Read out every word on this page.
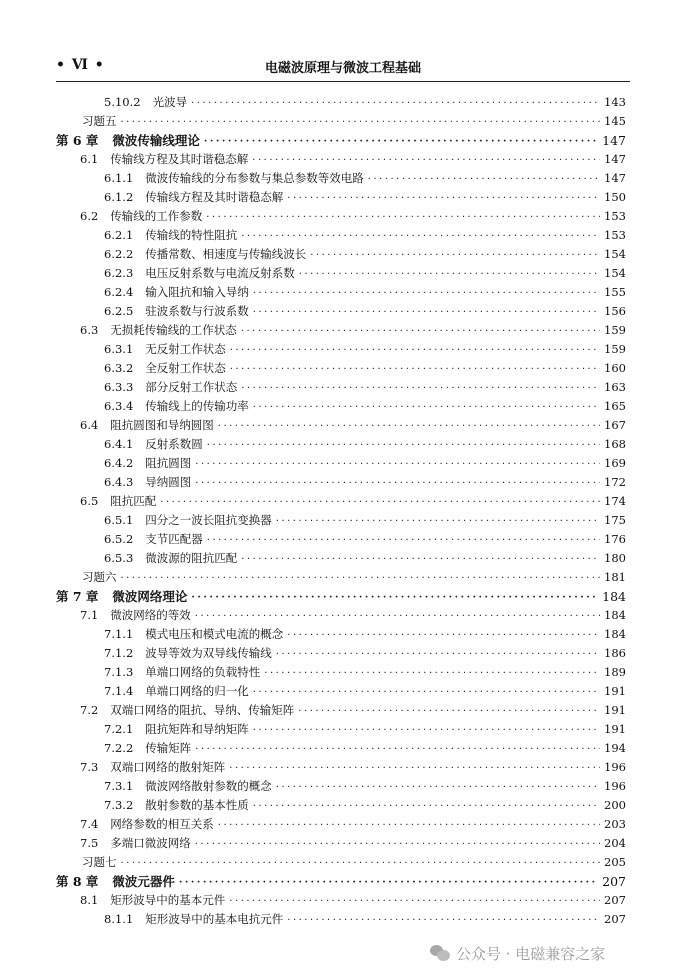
• Ⅵ •	电磁波原理与微波工程基础
5.10.2 光波导 ·····	143
习题五 ·····	145
第 6 章 微波传输线理论 ·····	147
6.1 传输线方程及其时谐稳态解 ·····	147
6.1.1 微波传输线的分布参数与集总参数等效电路 ·····	147
6.1.2 传输线方程及其时谐稳态解 ·····	150
6.2 传输线的工作参数 ·····	153
6.2.1 传输线的特性阻抗 ·····	153
6.2.2 传播常数、相速度与传输线波长 ·····	154
6.2.3 电压反射系数与电流反射系数 ·····	154
6.2.4 输入阻抗和输入导纳 ·····	155
6.2.5 驻波系数与行波系数 ·····	156
6.3 无损耗传输线的工作状态 ·····	159
6.3.1 无反射工作状态 ·····	159
6.3.2 全反射工作状态 ·····	160
6.3.3 部分反射工作状态 ·····	163
6.3.4 传输线上的传输功率 ·····	165
6.4 阻抗圆图和导纳圆图 ·····	167
6.4.1 反射系数圆 ·····	168
6.4.2 阻抗圆图 ·····	169
6.4.3 导纳圆图 ·····	172
6.5 阻抗匹配 ·····	174
6.5.1 四分之一波长阻抗变换器 ·····	175
6.5.2 支节匹配器 ·····	176
6.5.3 微波源的阻抗匹配 ·····	180
习题六 ·····	181
第 7 章 微波网络理论 ·····	184
7.1 微波网络的等效 ·····	184
7.1.1 模式电压和模式电流的概念 ·····	184
7.1.2 波导等效为双导线传输线 ·····	186
7.1.3 单端口网络的负载特性 ·····	189
7.1.4 单端口网络的归一化 ·····	191
7.2 双端口网络的阻抗、导纳、传输矩阵 ·····	191
7.2.1 阻抗矩阵和导纳矩阵 ·····	191
7.2.2 传输矩阵 ·····	194
7.3 双端口网络的散射矩阵 ·····	196
7.3.1 微波网络散射参数的概念 ·····	196
7.3.2 散射参数的基本性质 ·····	200
7.4 网络参数的相互关系 ·····	203
7.5 多端口微波网络 ·····	204
习题七 ·····	205
第 8 章 微波元器件 ·····	207
8.1 矩形波导中的基本元件 ·····	207
8.1.1 矩形波导中的基本电抗元件 ·····	207
公众号 · 电磁兼容之家
